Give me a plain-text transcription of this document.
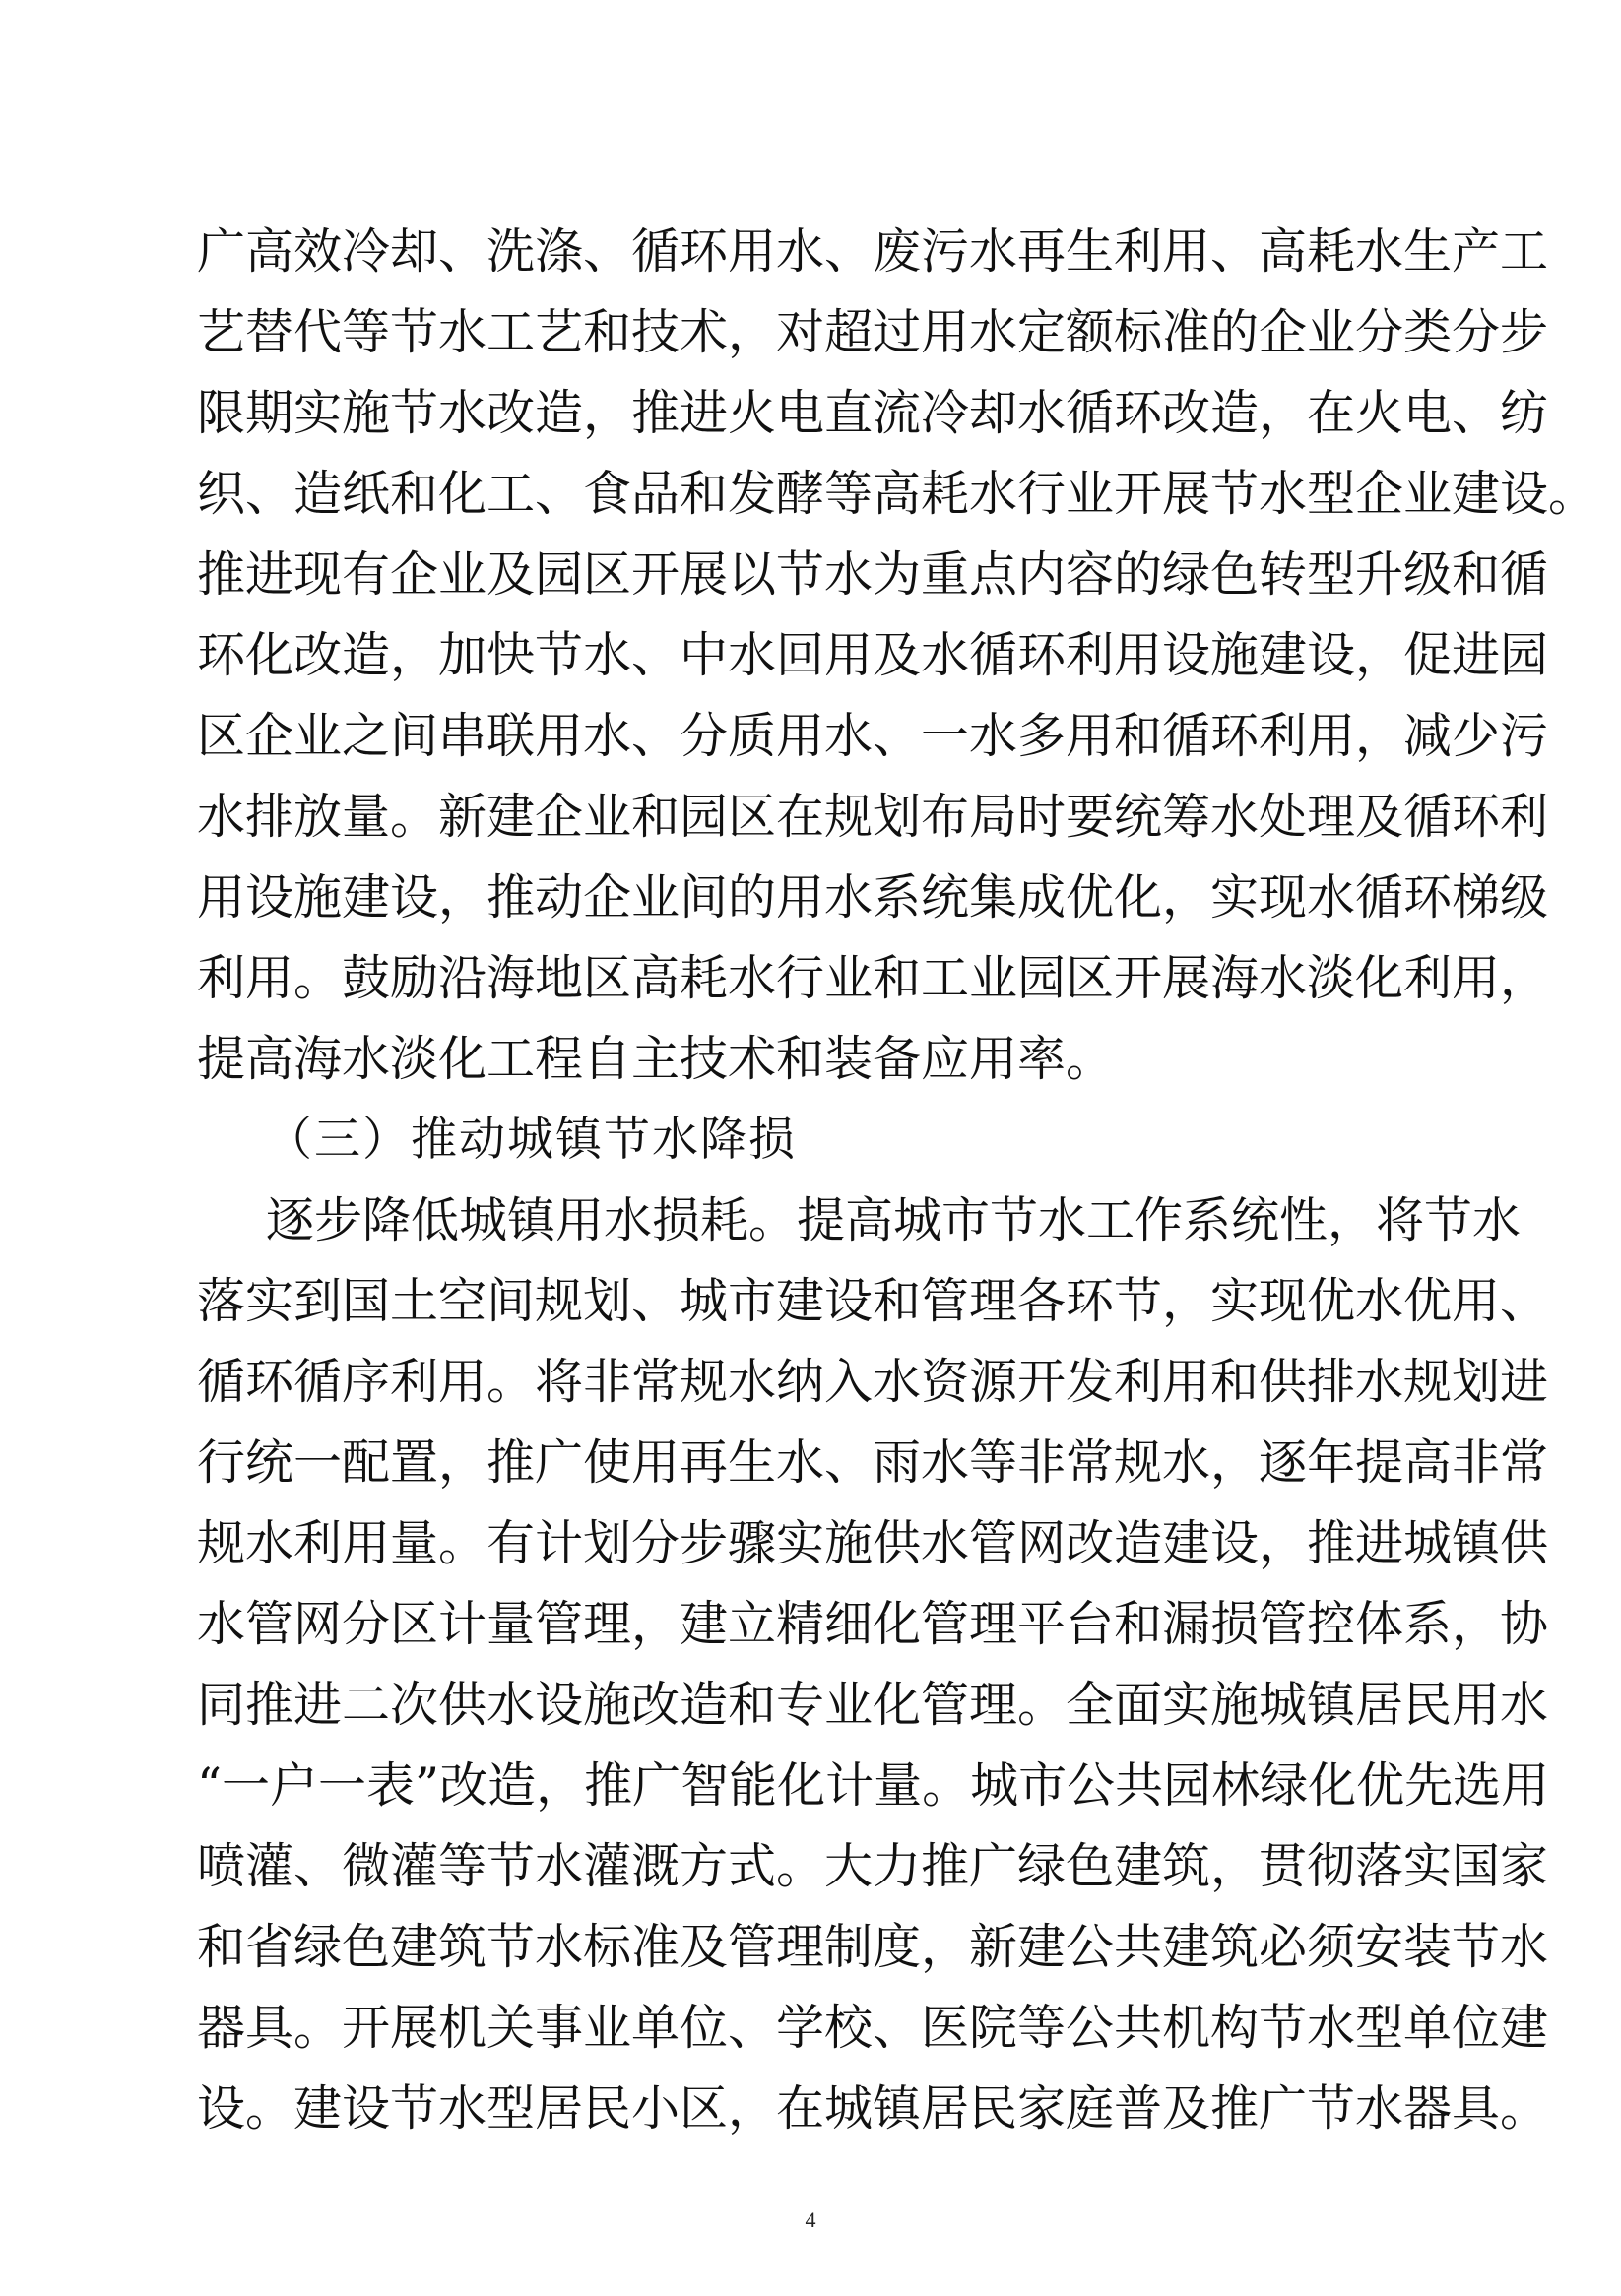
广高效冷却、洗涤、循环用水、废污水再生利用、高耗水生产工
艺替代等节水工艺和技术，对超过用水定额标准的企业分类分步
限期实施节水改造，推进火电直流冷却水循环改造，在火电、纺
织、造纸和化工、食品和发酵等高耗水行业开展节水型企业建设。
推进现有企业及园区开展以节水为重点内容的绿色转型升级和循
环化改造，加快节水、中水回用及水循环利用设施建设，促进园
区企业之间串联用水、分质用水、一水多用和循环利用，减少污
水排放量。新建企业和园区在规划布局时要统筹水处理及循环利
用设施建设，推动企业间的用水系统集成优化，实现水循环梯级
利用。鼓励沿海地区高耗水行业和工业园区开展海水淡化利用，
提高海水淡化工程自主技术和装备应用率。
（三）推动城镇节水降损
逐步降低城镇用水损耗。提高城市节水工作系统性，将节水
落实到国土空间规划、城市建设和管理各环节，实现优水优用、
循环循序利用。将非常规水纳入水资源开发利用和供排水规划进
行统一配置，推广使用再生水、雨水等非常规水，逐年提高非常
规水利用量。有计划分步骤实施供水管网改造建设，推进城镇供
水管网分区计量管理，建立精细化管理平台和漏损管控体系，协
同推进二次供水设施改造和专业化管理。全面实施城镇居民用水
“一户一表”改造，推广智能化计量。城市公共园林绿化优先选用
喷灌、微灌等节水灌溉方式。大力推广绿色建筑，贯彻落实国家
和省绿色建筑节水标准及管理制度，新建公共建筑必须安装节水
器具。开展机关事业单位、学校、医院等公共机构节水型单位建
设。建设节水型居民小区，在城镇居民家庭普及推广节水器具。
4
